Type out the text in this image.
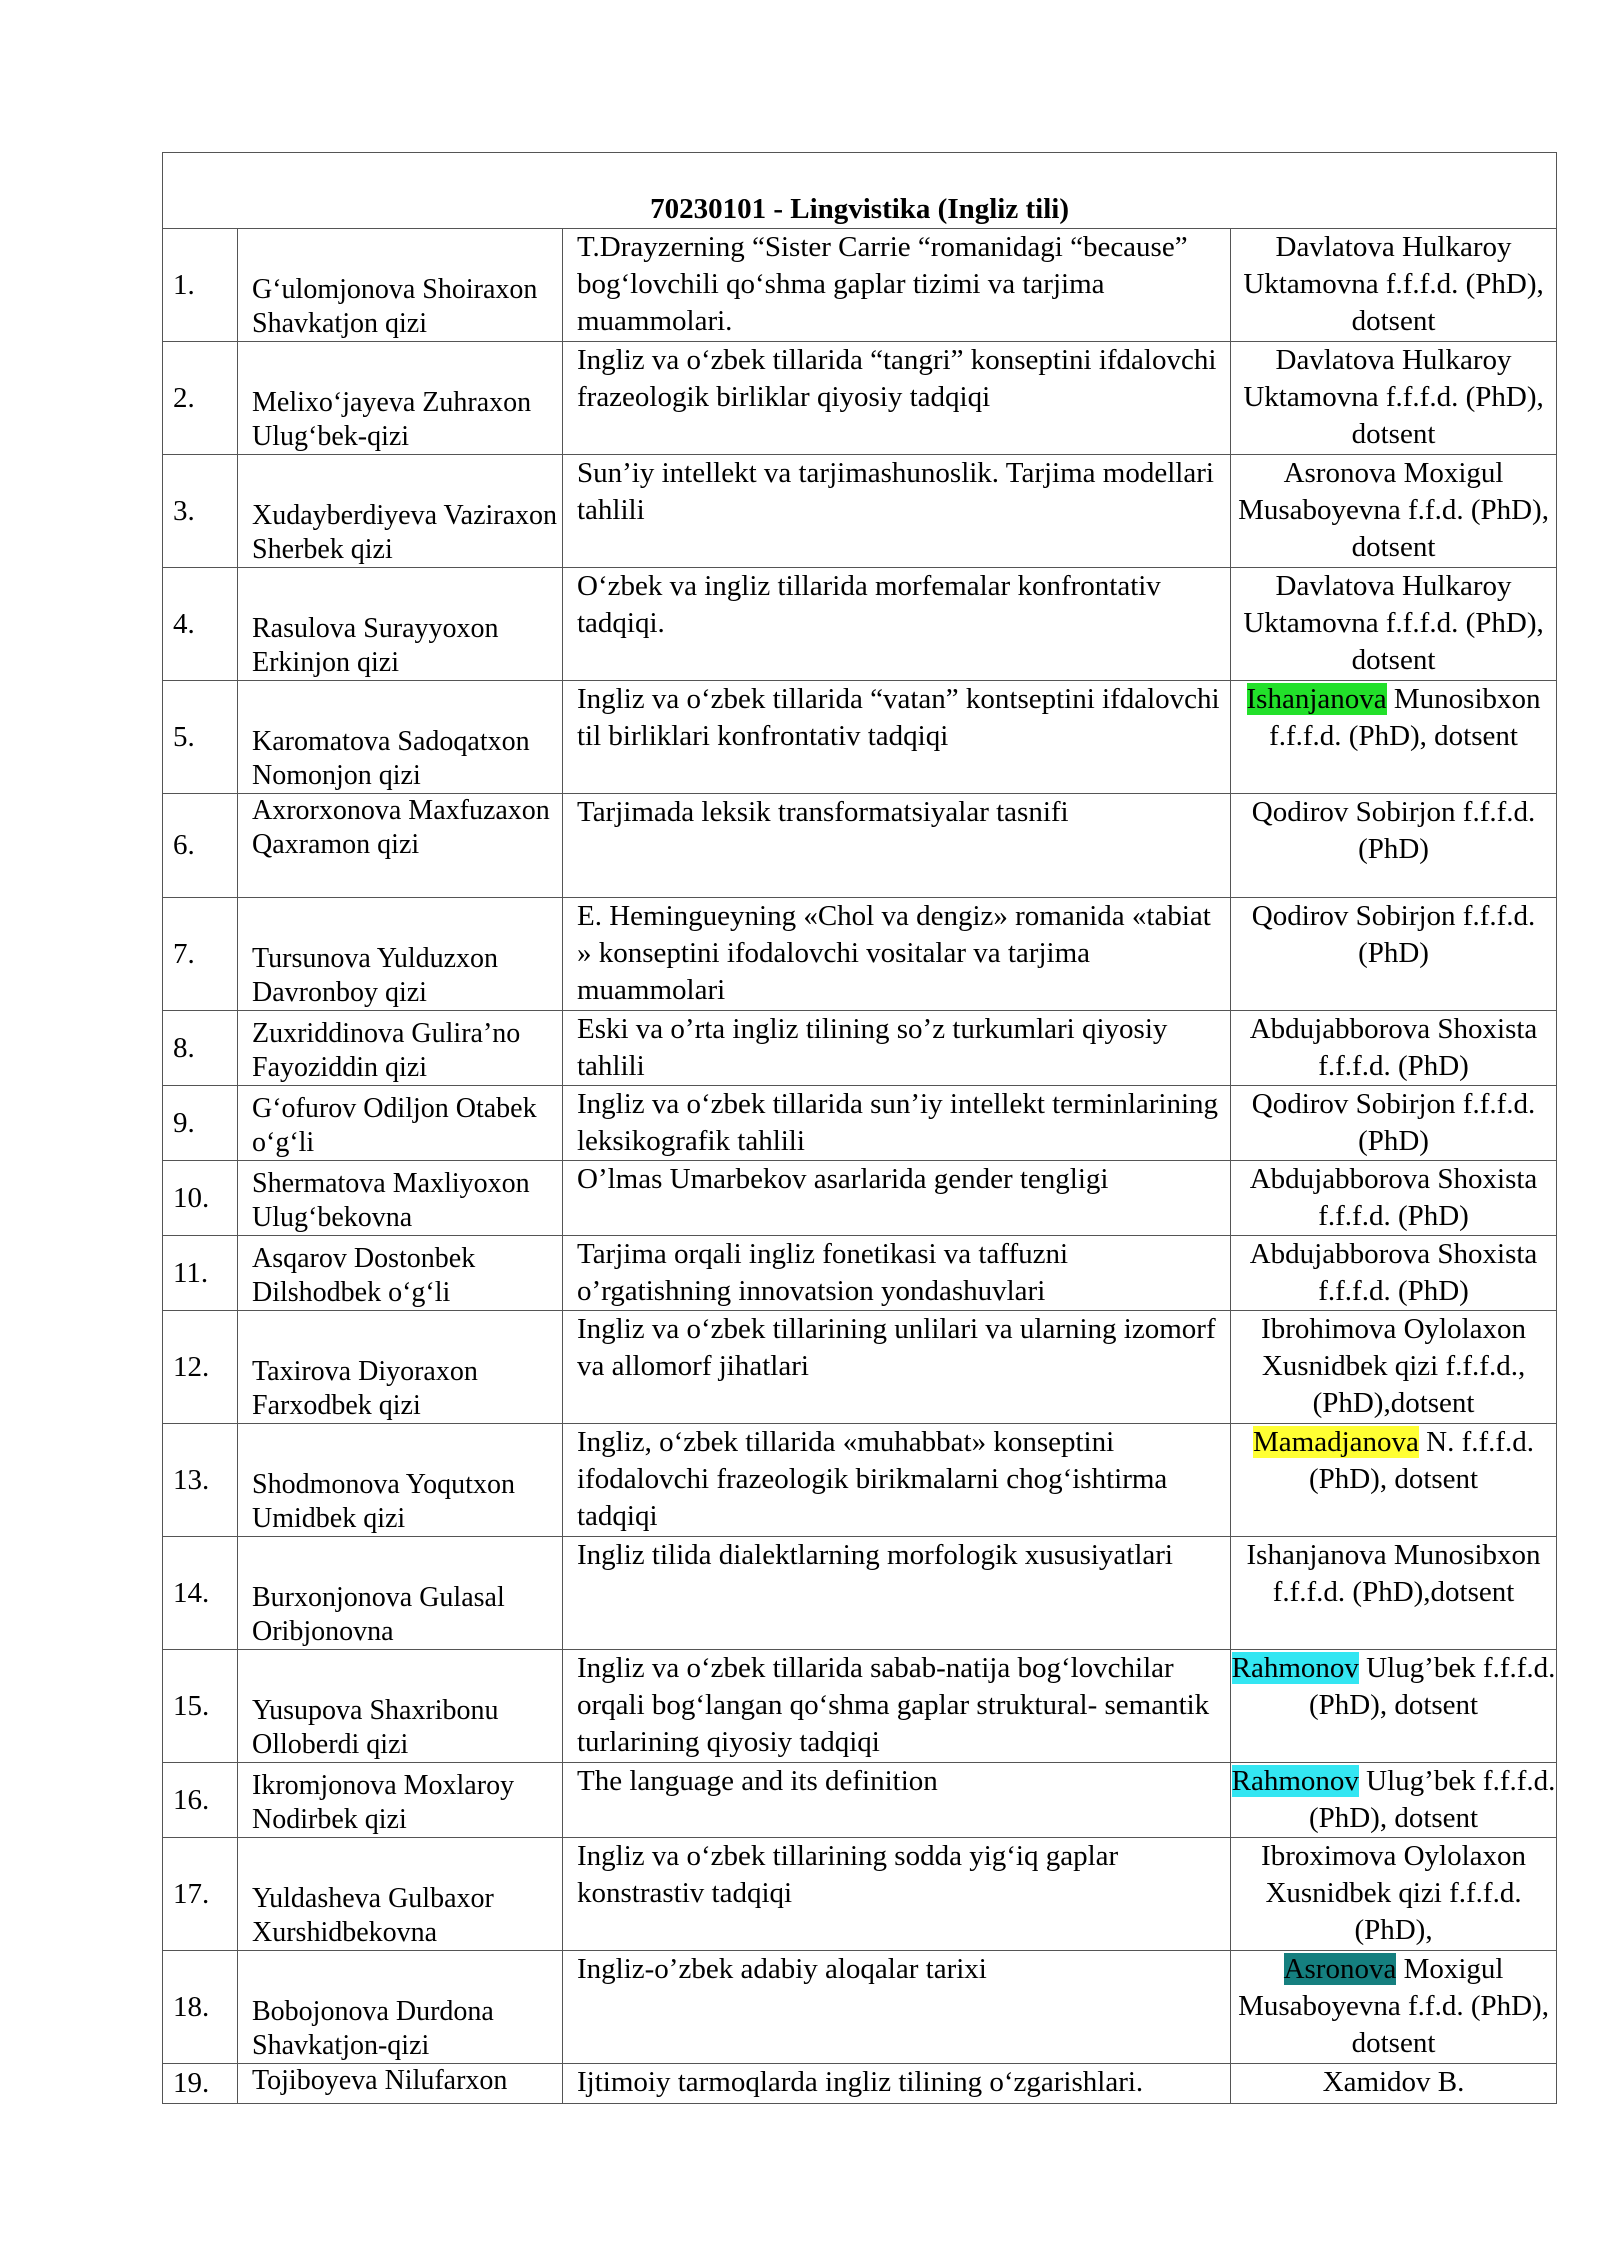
70230101 - Lingvistika (Ingliz tili)			
1.	G‘ulomjonova Shoiraxon Shavkatjon qizi	T.Drayzerning “Sister Carrie “romanidagi “because” bog‘lovchili qo‘shma gaplar tizimi va tarjima muammolari.	Davlatova Hulkaroy Uktamovna f.f.f.d. (PhD), dotsent
2.	Melixo‘jayeva Zuhraxon Ulug‘bek-qizi	Ingliz va o‘zbek tillarida “tangri” konseptini ifdalovchi frazeologik birliklar qiyosiy tadqiqi	Davlatova Hulkaroy Uktamovna f.f.f.d. (PhD), dotsent
3.	Xudayberdiyeva Vaziraxon Sherbek qizi	Sun’iy intellekt va tarjimashunoslik. Tarjima modellari tahlili	Asronova Moxigul Musaboyevna f.f.d. (PhD), dotsent
4.	Rasulova Surayyoxon Erkinjon qizi	O‘zbek va ingliz tillarida morfemalar konfrontativ tadqiqi.	Davlatova Hulkaroy Uktamovna f.f.f.d. (PhD), dotsent
5.	Karomatova Sadoqatxon Nomonjon qizi	Ingliz va o‘zbek tillarida “vatan” kontseptini ifdalovchi til birliklari konfrontativ tadqiqi	Ishanjanova Munosibxon f.f.f.d. (PhD), dotsent
6.	Axrorxonova Maxfuzaxon Qaxramon qizi	Tarjimada leksik transformatsiyalar tasnifi	Qodirov Sobirjon f.f.f.d. (PhD)
7.	Tursunova Yulduzxon Davronboy qizi	E. Hemingueyning «Chol va dengiz» romanida «tabiat » konseptini ifodalovchi vositalar va tarjima muammolari	Qodirov Sobirjon f.f.f.d. (PhD)
8.	Zuxriddinova Gulira’no Fayoziddin qizi	Eski va o’rta ingliz tilining so’z turkumlari qiyosiy tahlili	Abdujabborova Shoxista f.f.f.d. (PhD)
9.	G‘ofurov Odiljon Otabek o‘g‘li	Ingliz va o‘zbek tillarida sun’iy intellekt terminlarining leksikografik tahlili	Qodirov Sobirjon f.f.f.d. (PhD)
10.	Shermatova Maxliyoxon Ulug‘bekovna	O’lmas Umarbekov asarlarida gender tengligi	Abdujabborova Shoxista f.f.f.d. (PhD)
11.	Asqarov Dostonbek Dilshodbek o‘g‘li	Tarjima orqali ingliz fonetikasi va taffuzni o’rgatishning innovatsion yondashuvlari	Abdujabborova Shoxista f.f.f.d. (PhD)
12.	Taxirova Diyoraxon Farxodbek qizi	Ingliz va o‘zbek tillarining unlilari va ularning izomorf va allomorf jihatlari	Ibrohimova Oylolaxon Xusnidbek qizi f.f.f.d., (PhD),dotsent
13.	Shodmonova Yoqutxon Umidbek qizi	Ingliz, o‘zbek tillarida «muhabbat» konseptini ifodalovchi frazeologik birikmalarni chog‘ishtirma tadqiqi	Mamadjanova N. f.f.f.d. (PhD), dotsent
14.	Burxonjonova Gulasal Oribjonovna	Ingliz tilida dialektlarning morfologik xususiyatlari	Ishanjanova Munosibxon f.f.f.d. (PhD),dotsent
15.	Yusupova Shaxribonu Olloberdi qizi	Ingliz va o‘zbek tillarida sabab-natija bog‘lovchilar orqali bog‘langan qo‘shma gaplar struktural- semantik turlarining qiyosiy tadqiqi	Rahmonov Ulug’bek f.f.f.d. (PhD), dotsent
16.	Ikromjonova Moxlaroy Nodirbek qizi	The language and its definition	Rahmonov Ulug’bek f.f.f.d. (PhD), dotsent
17.	Yuldasheva Gulbaxor Xurshidbekovna	Ingliz va o‘zbek tillarining sodda yig‘iq gaplar konstrastiv tadqiqi	Ibroximova Oylolaxon Xusnidbek qizi f.f.f.d. (PhD),
18.	Bobojonova Durdona Shavkatjon-qizi	Ingliz-o’zbek adabiy aloqalar tarixi	Asronova Moxigul Musaboyevna f.f.d. (PhD), dotsent
19.	Tojiboyeva Nilufarxon	Ijtimoiy tarmoqlarda ingliz tilining o‘zgarishlari.	Xamidov B.
